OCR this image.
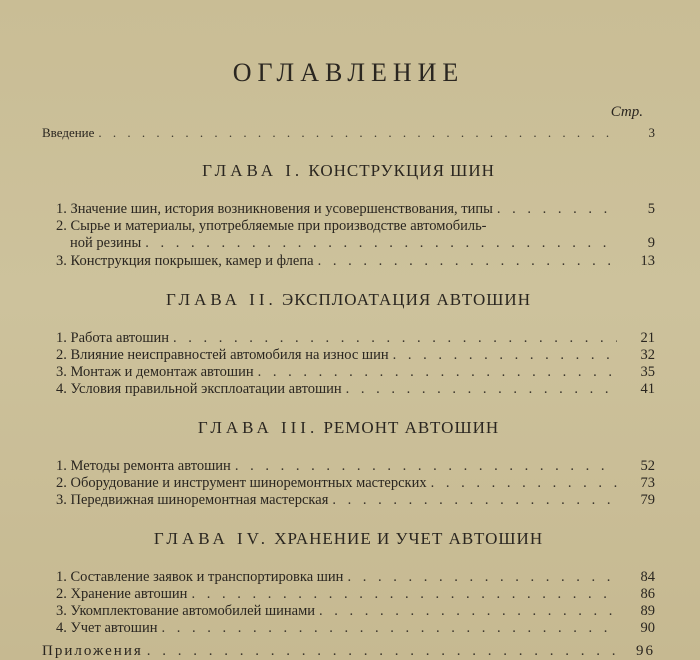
ОГЛАВЛЕНИЕ
Стр.
Введение . . .	3
ГЛАВА I. КОНСТРУКЦИЯ ШИН
1. Значение шин, история возникновения и усовершенствования, типы . . .	5
2. Сырье и материалы, употребляемые при производстве автомобиль-
ной резины . . .	9
3. Конструкция покрышек, камер и флепа . . .	13
ГЛАВА II. ЭКСПЛОАТАЦИЯ АВТОШИН
1. Работа автошин . . .	21
2. Влияние неисправностей автомобиля на износ шин . . .	32
3. Монтаж и демонтаж автошин . . .	35
4. Условия правильной эксплоатации автошин . . .	41
ГЛАВА III. РЕМОНТ АВТОШИН
1. Методы ремонта автошин . . .	52
2. Оборудование и инструмент шиноремонтных мастерских . . .	73
3. Передвижная шиноремонтная мастерская . . .	79
ГЛАВА IV. ХРАНЕНИЕ И УЧЕТ АВТОШИН
1. Составление заявок и транспортировка шин . . .	84
2. Хранение автошин . . .	86
3. Укомплектование автомобилей шинами . . .	89
4. Учет автошин . . .	90
Приложения . . .	96
